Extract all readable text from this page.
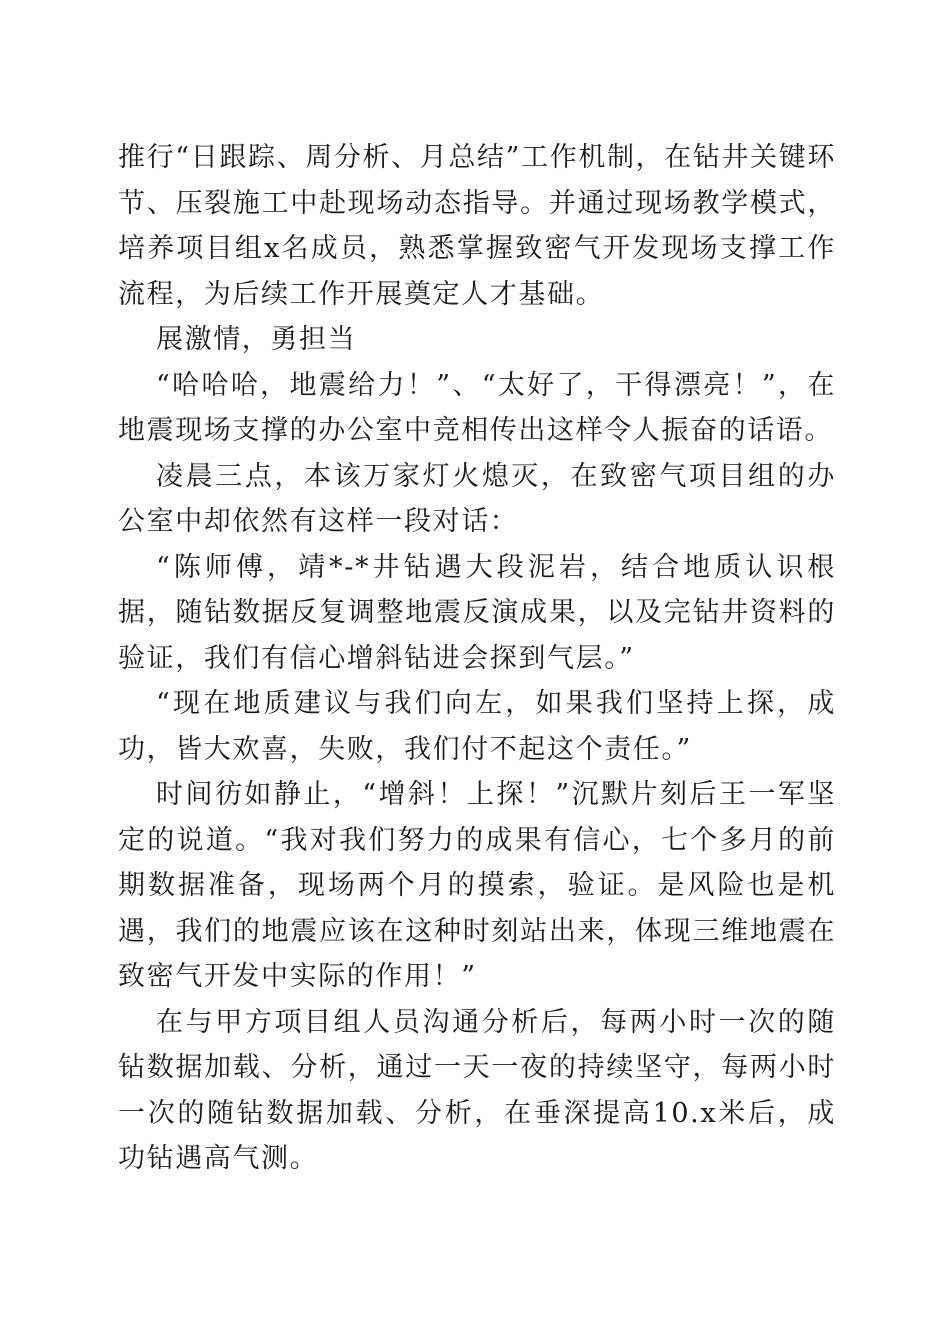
推行“日跟踪、周分析、月总结”工作机制，在钻井关键环节、压裂施工中赴现场动态指导。并通过现场教学模式，培养项目组x名成员，熟悉掌握致密气开发现场支撑工作流程，为后续工作开展奠定人才基础。

展激情，勇担当

“哈哈哈，地震给力！”、“太好了，干得漂亮！”，在地震现场支撑的办公室中竞相传出这样令人振奋的话语。

凌晨三点，本该万家灯火熄灭，在致密气项目组的办公室中却依然有这样一段对话：

“陈师傅，靖*-*井钻遇大段泥岩，结合地质认识根据，随钻数据反复调整地震反演成果，以及完钻井资料的验证，我们有信心增斜钻进会探到气层。”

“现在地质建议与我们向左，如果我们坚持上探，成功，皆大欢喜，失败，我们付不起这个责任。”

时间彷如静止，“增斜！上探！”沉默片刻后王一军坚定的说道。“我对我们努力的成果有信心，七个多月的前期数据准备，现场两个月的摸索，验证。是风险也是机遇，我们的地震应该在这种时刻站出来，体现三维地震在致密气开发中实际的作用！”

在与甲方项目组人员沟通分析后，每两小时一次的随钻数据加载、分析，通过一天一夜的持续坚守，每两小时一次的随钻数据加载、分析，在垂深提高10.x米后，成功钻遇高气测。
